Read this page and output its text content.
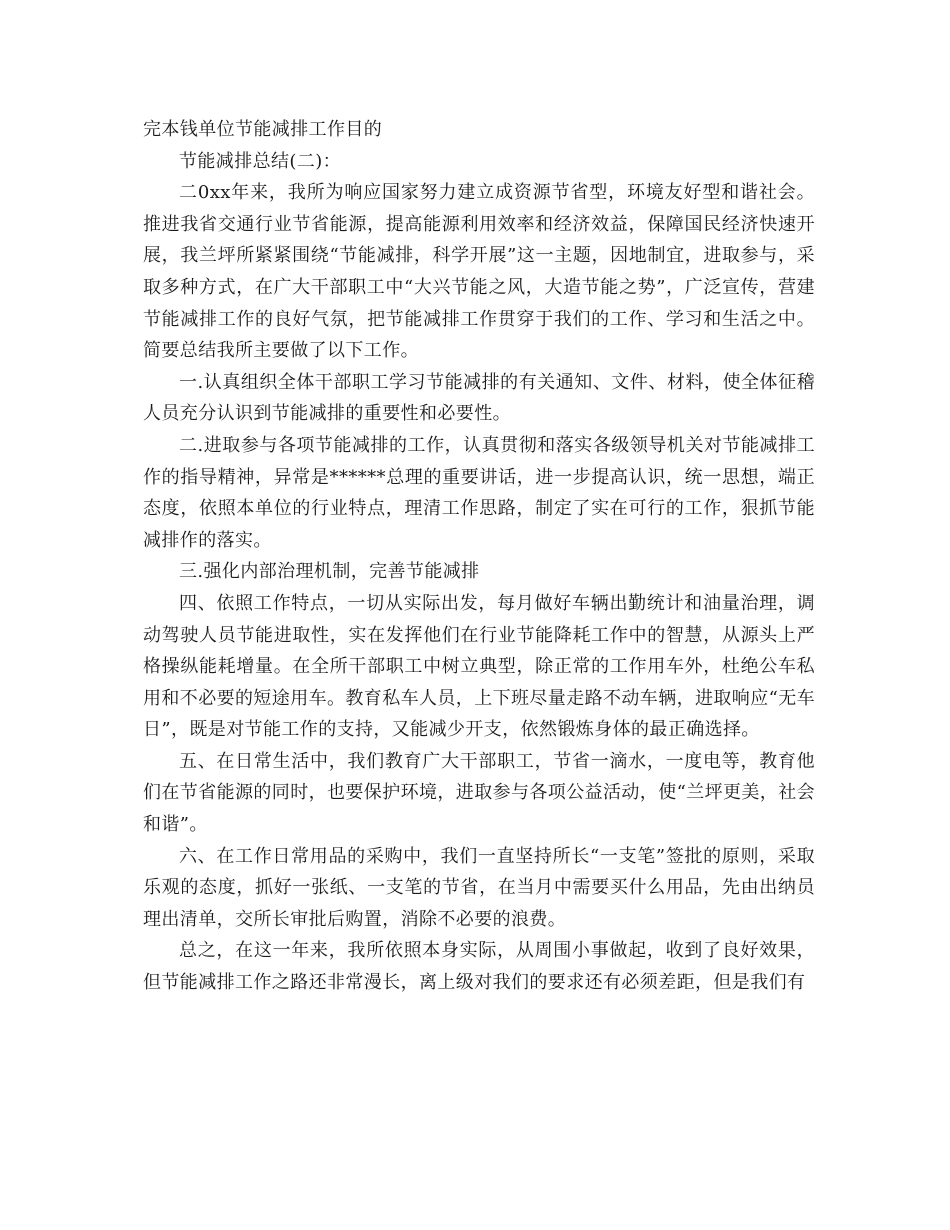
完本钱单位节能减排工作目的

节能减排总结(二)：

二0xx年来，我所为响应国家努力建立成资源节省型，环境友好型和谐社会。推进我省交通行业节省能源，提高能源利用效率和经济效益，保障国民经济快速开展，我兰坪所紧紧围绕“节能减排，科学开展”这一主题，因地制宜，进取参与，采取多种方式，在广大干部职工中“大兴节能之风，大造节能之势”，广泛宣传，营建节能减排工作的良好气氛，把节能减排工作贯穿于我们的工作、学习和生活之中。简要总结我所主要做了以下工作。

一.认真组织全体干部职工学习节能减排的有关通知、文件、材料，使全体征稽人员充分认识到节能减排的重要性和必要性。

二.进取参与各项节能减排的工作，认真贯彻和落实各级领导机关对节能减排工作的指导精神，异常是******总理的重要讲话，进一步提高认识，统一思想，端正态度，依照本单位的行业特点，理清工作思路，制定了实在可行的工作，狠抓节能减排作的落实。

三.强化内部治理机制，完善节能减排

四、依照工作特点，一切从实际出发，每月做好车辆出勤统计和油量治理，调动驾驶人员节能进取性，实在发挥他们在行业节能降耗工作中的智慧，从源头上严格操纵能耗增量。在全所干部职工中树立典型，除正常的工作用车外，杜绝公车私用和不必要的短途用车。教育私车人员，上下班尽量走路不动车辆，进取响应“无车日”，既是对节能工作的支持，又能减少开支，依然锻炼身体的最正确选择。

五、在日常生活中，我们教育广大干部职工，节省一滴水，一度电等，教育他们在节省能源的同时，也要保护环境，进取参与各项公益活动，使“兰坪更美，社会和谐”。

六、在工作日常用品的采购中，我们一直坚持所长“一支笔”签批的原则，采取乐观的态度，抓好一张纸、一支笔的节省，在当月中需要买什么用品，先由出纳员理出清单，交所长审批后购置，消除不必要的浪费。

总之，在这一年来，我所依照本身实际，从周围小事做起，收到了良好效果，但节能减排工作之路还非常漫长，离上级对我们的要求还有必须差距，但是我们有
